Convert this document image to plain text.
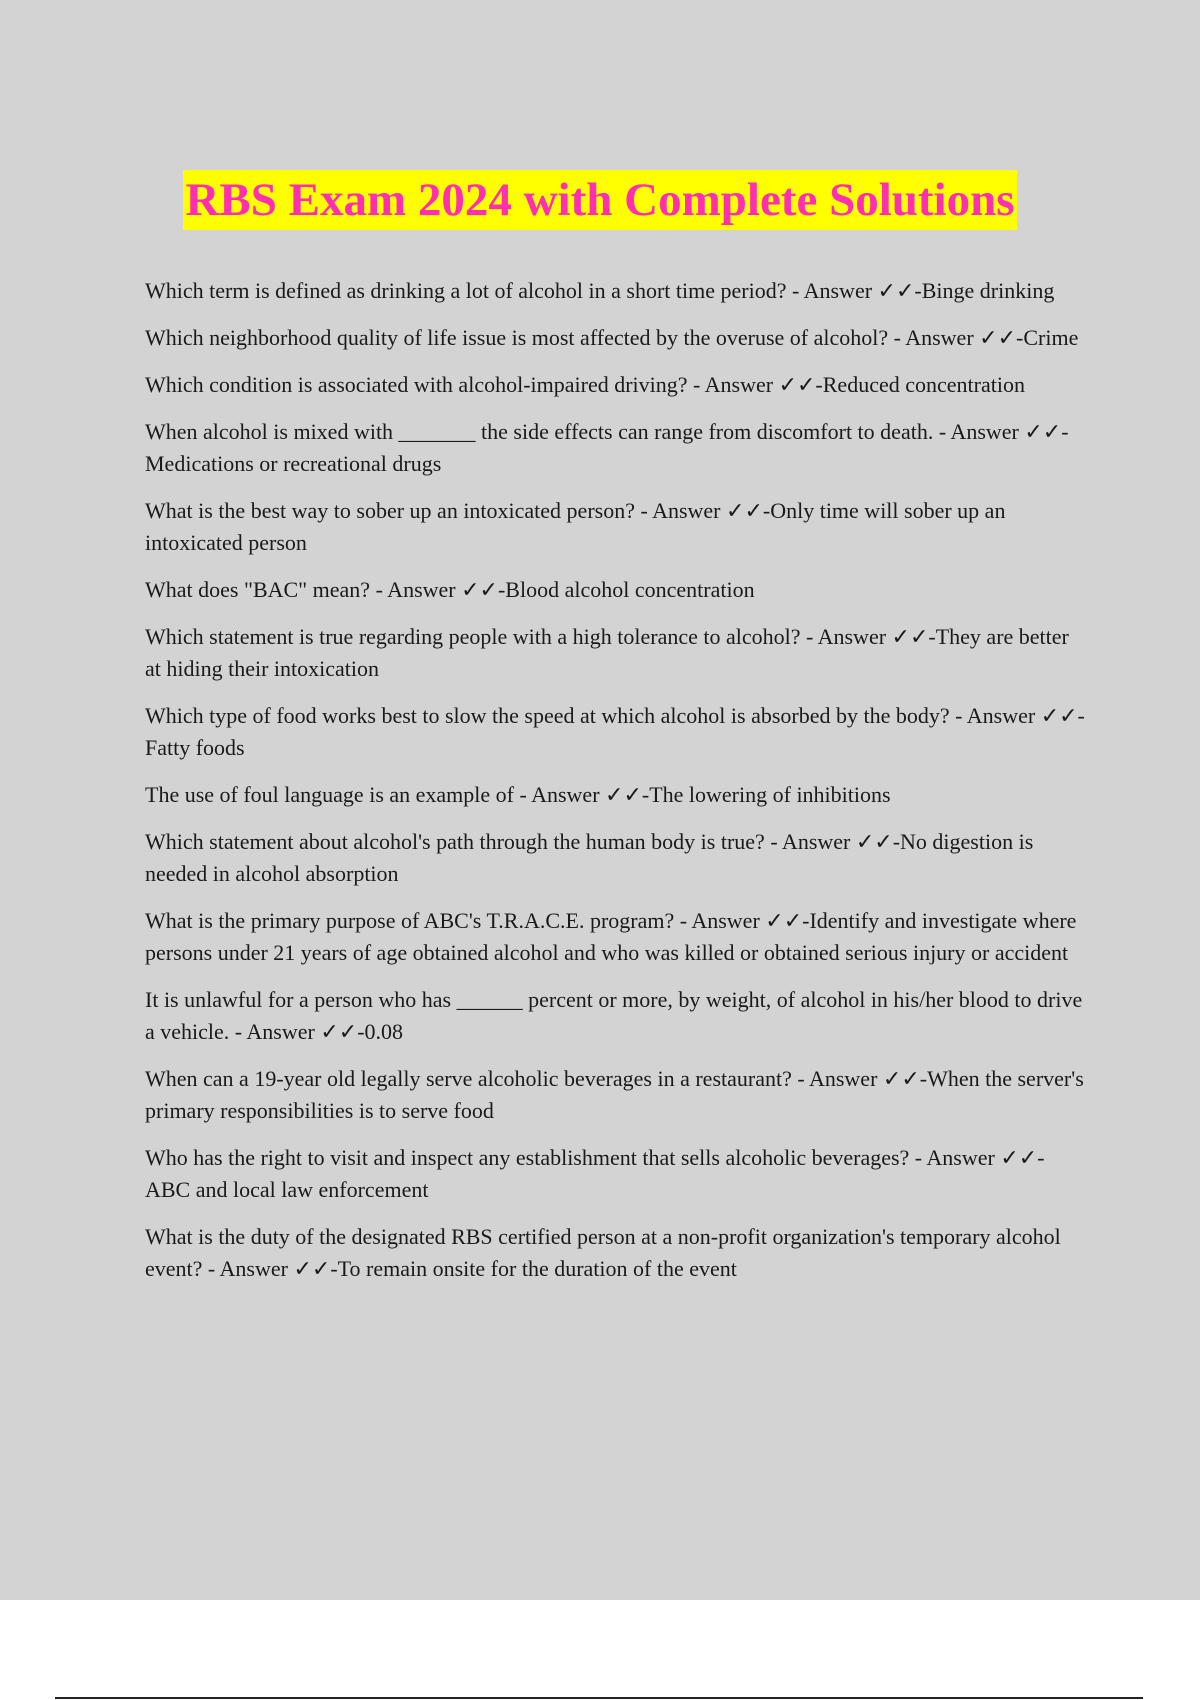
RBS Exam 2024 with Complete Solutions

Which term is defined as drinking a lot of alcohol in a short time period? - Answer ✓✓-Binge drinking

Which neighborhood quality of life issue is most affected by the overuse of alcohol? - Answer ✓✓-Crime

Which condition is associated with alcohol-impaired driving? - Answer ✓✓-Reduced concentration

When alcohol is mixed with _______ the side effects can range from discomfort to death. - Answer ✓✓-Medications or recreational drugs

What is the best way to sober up an intoxicated person? - Answer ✓✓-Only time will sober up an intoxicated person

What does "BAC" mean? - Answer ✓✓-Blood alcohol concentration

Which statement is true regarding people with a high tolerance to alcohol? - Answer ✓✓-They are better at hiding their intoxication

Which type of food works best to slow the speed at which alcohol is absorbed by the body? - Answer ✓✓-Fatty foods

The use of foul language is an example of - Answer ✓✓-The lowering of inhibitions

Which statement about alcohol's path through the human body is true? - Answer ✓✓-No digestion is needed in alcohol absorption

What is the primary purpose of ABC's T.R.A.C.E. program? - Answer ✓✓-Identify and investigate where persons under 21 years of age obtained alcohol and who was killed or obtained serious injury or accident

It is unlawful for a person who has ______ percent or more, by weight, of alcohol in his/her blood to drive a vehicle. - Answer ✓✓-0.08

When can a 19-year old legally serve alcoholic beverages in a restaurant? - Answer ✓✓-When the server's primary responsibilities is to serve food

Who has the right to visit and inspect any establishment that sells alcoholic beverages? - Answer ✓✓-ABC and local law enforcement

What is the duty of the designated RBS certified person at a non-profit organization's temporary alcohol event? - Answer ✓✓-To remain onsite for the duration of the event
